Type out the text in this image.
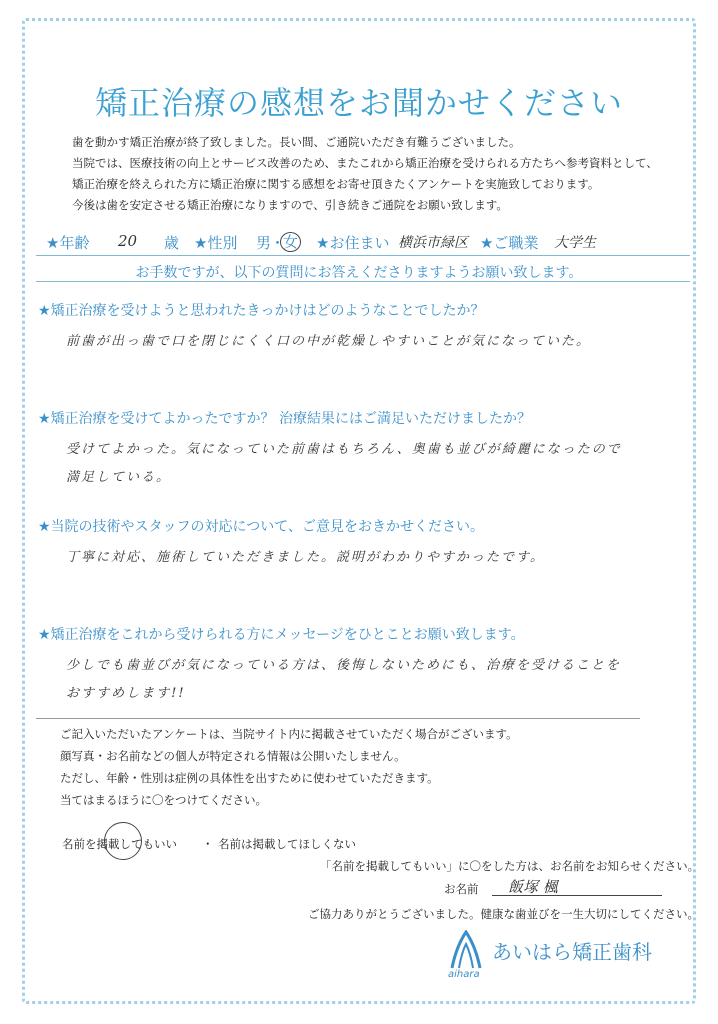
矯正治療の感想をお聞かせください
歯を動かす矯正治療が終了致しました。長い間、ご通院いただき有難うございました。
当院では、医療技術の向上とサービス改善のため、またこれから矯正治療を受けられる方たちへ参考資料として、
矯正治療を終えられた方に矯正治療に関する感想をお寄せ頂きたくアンケートを実施致しております。
今後は歯を安定させる矯正治療になりますので、引き続きご通院をお願い致します。
★年齢 20 歳 ★性別 男
・
女 ★お住まい 横浜市緑区 ★ご職業 大学生
お手数ですが、以下の質問にお答えくださりますようお願い致します。
★矯正治療を受けようと思われたきっかけはどのようなことでしたか？
前歯が出っ歯で口を閉じにくく口の中が乾燥しやすいことが気になっていた。
★矯正治療を受けてよかったですか？ 治療結果にはご満足いただけましたか？
受けてよかった。気になっていた前歯はもちろん、奥歯も並びが綺麗になったので
満足している。
★当院の技術やスタッフの対応について、ご意見をおきかせください。
丁寧に対応、施術していただきました。説明がわかりやすかったです。
★矯正治療をこれから受けられる方にメッセージをひとことお願い致します。
少しでも歯並びが気になっている方は、後悔しないためにも、治療を受けることを
おすすめします!!
ご記入いただいたアンケートは、当院サイト内に掲載させていただく場合がございます。
顔写真・お名前などの個人が特定される情報は公開いたしません。
ただし、年齢・性別は症例の具体性を出すために使わせていただきます。
当てはまるほうに〇をつけてください。
名前を掲載してもいい ・ 名前は掲載してほしくない
「名前を掲載してもいい」に〇をした方は、お名前をお知らせください。
お名前 飯塚 楓
ご協力ありがとうございました。健康な歯並びを一生大切にしてください。
あいはら矯正歯科
aihara
